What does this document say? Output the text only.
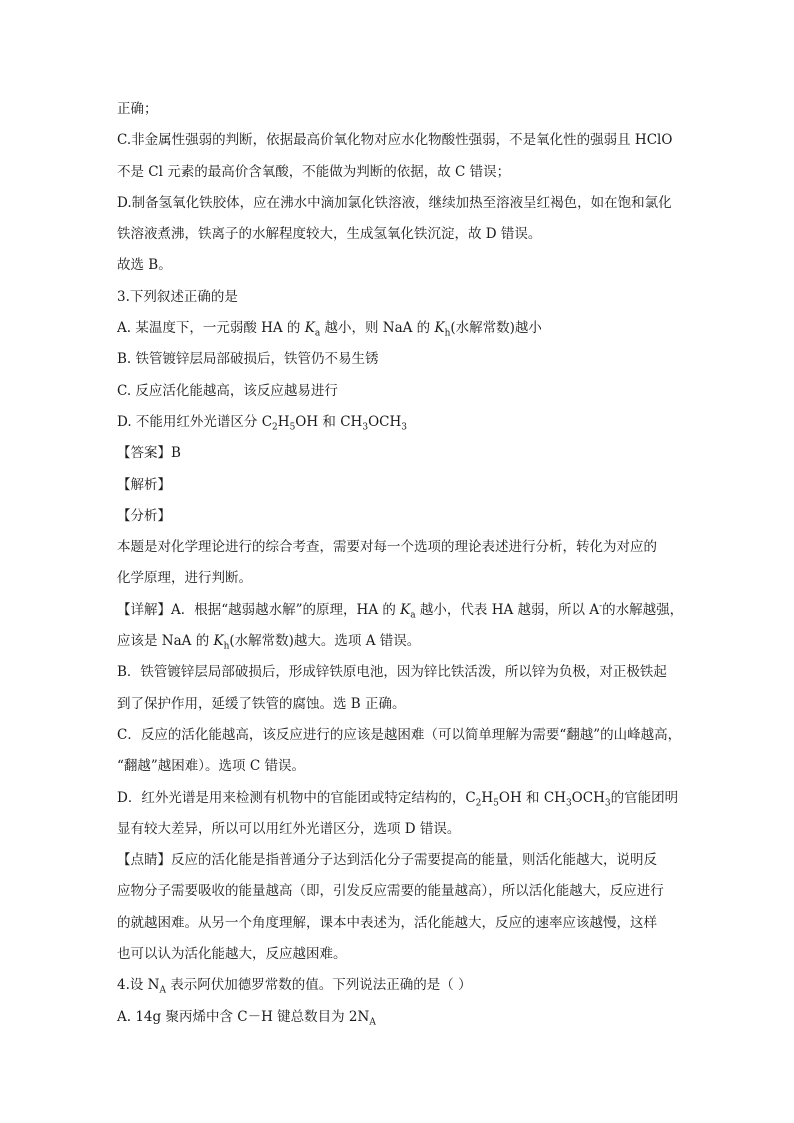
正确；
C.非金属性强弱的判断，依据最高价氧化物对应水化物酸性强弱，不是氧化性的强弱且 HClO
不是 Cl 元素的最高价含氧酸，不能做为判断的依据，故 C 错误；
D.制备氢氧化铁胶体，应在沸水中滴加氯化铁溶液，继续加热至溶液呈红褐色，如在饱和氯化
铁溶液煮沸，铁离子的水解程度较大，生成氢氧化铁沉淀，故 D 错误。
故选 B。
3.下列叙述正确的是
A. 某温度下，一元弱酸 HA 的 $K_a$ 越小，则 NaA 的 $K_h$(水解常数)越小
B. 铁管镀锌层局部破损后，铁管仍不易生锈
C. 反应活化能越高，该反应越易进行
D. 不能用红外光谱区分 $C_2H_5OH$ 和 $CH_3OCH_3$
【答案】B
【解析】
【分析】
本题是对化学理论进行的综合考查，需要对每一个选项的理论表述进行分析，转化为对应的
化学原理，进行判断。
【详解】A．根据“越弱越水解”的原理，HA 的 $K_a$ 越小，代表 HA 越弱，所以 A-的水解越强，
应该是 NaA 的 $K_h$(水解常数)越大。选项 A 错误。
B．铁管镀锌层局部破损后，形成锌铁原电池，因为锌比铁活泼，所以锌为负极，对正极铁起
到了保护作用，延缓了铁管的腐蚀。选 B 正确。
C．反应的活化能越高，该反应进行的应该是越困难（可以简单理解为需要“翻越”的山峰越高，
“翻越”越困难）。选项 C 错误。
D．红外光谱是用来检测有机物中的官能团或特定结构的，$C_2H_5OH$ 和 $CH_3OCH_3$的官能团明
显有较大差异，所以可以用红外光谱区分，选项 D 错误。
【点睛】反应的活化能是指普通分子达到活化分子需要提高的能量，则活化能越大，说明反
应物分子需要吸收的能量越高（即，引发反应需要的能量越高），所以活化能越大，反应进行
的就越困难。从另一个角度理解，课本中表述为，活化能越大，反应的速率应该越慢，这样
也可以认为活化能越大，反应越困难。
4.设 $N_A$ 表示阿伏加德罗常数的值。下列说法正确的是（ ）
A. 14g 聚丙烯中含 C－H 键总数目为 $2N_A$
